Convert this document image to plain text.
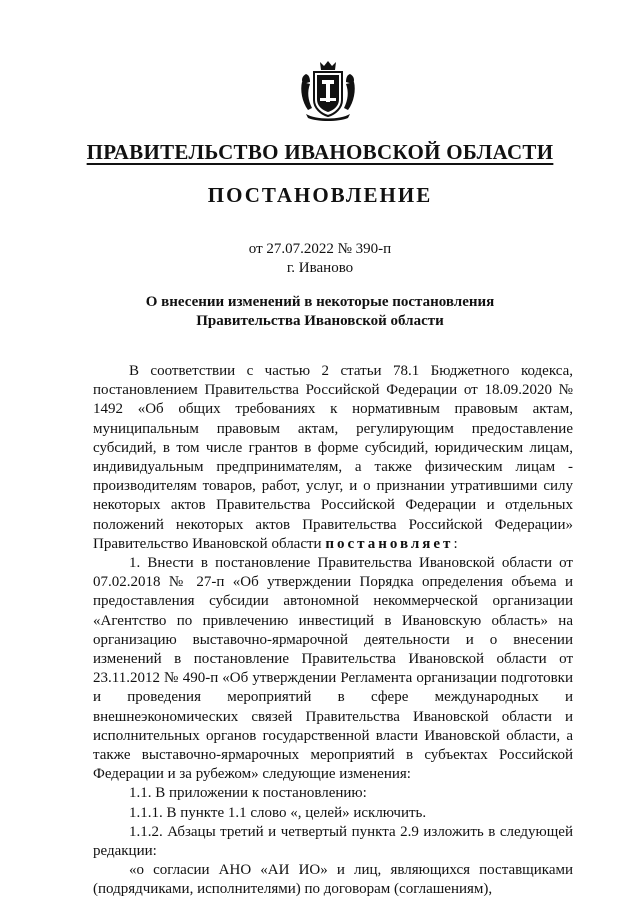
ПРАВИТЕЛЬСТВО ИВАНОВСКОЙ ОБЛАСТИ
ПОСТАНОВЛЕНИЕ
от 27.07.2022 № 390-п
г. Иваново
О внесении изменений в некоторые постановления
Правительства Ивановской области

В соответствии с частью 2 статьи 78.1 Бюджетного кодекса, постановлением Правительства Российской Федерации от 18.09.2020 № 1492 «Об общих требованиях к нормативным правовым актам, муниципальным правовым актам, регулирующим предоставление субсидий, в том числе грантов в форме субсидий, юридическим лицам, индивидуальным предпринимателям, а также физическим лицам - производителям товаров, работ, услуг, и о признании утратившими силу некоторых актов Правительства Российской Федерации и отдельных положений некоторых актов Правительства Российской Федерации» Правительство Ивановской области постановляет:

1. Внести в постановление Правительства Ивановской области от 07.02.2018 № 27-п «Об утверждении Порядка определения объема и предоставления субсидии автономной некоммерческой организации «Агентство по привлечению инвестиций в Ивановскую область» на организацию выставочно-ярмарочной деятельности и о внесении изменений в постановление Правительства Ивановской области от 23.11.2012 № 490-п «Об утверждении Регламента организации подготовки и проведения мероприятий в сфере международных и внешнеэкономических связей Правительства Ивановской области и исполнительных органов государственной власти Ивановской области, а также выставочно-ярмарочных мероприятий в субъектах Российской Федерации и за рубежом» следующие изменения:

1.1. В приложении к постановлению:

1.1.1. В пункте 1.1 слово «, целей» исключить.

1.1.2. Абзацы третий и четвертый пункта 2.9 изложить в следующей редакции:

«о согласии АНО «АИ ИО» и лиц, являющихся поставщиками (подрядчиками, исполнителями) по договорам (соглашениям),
